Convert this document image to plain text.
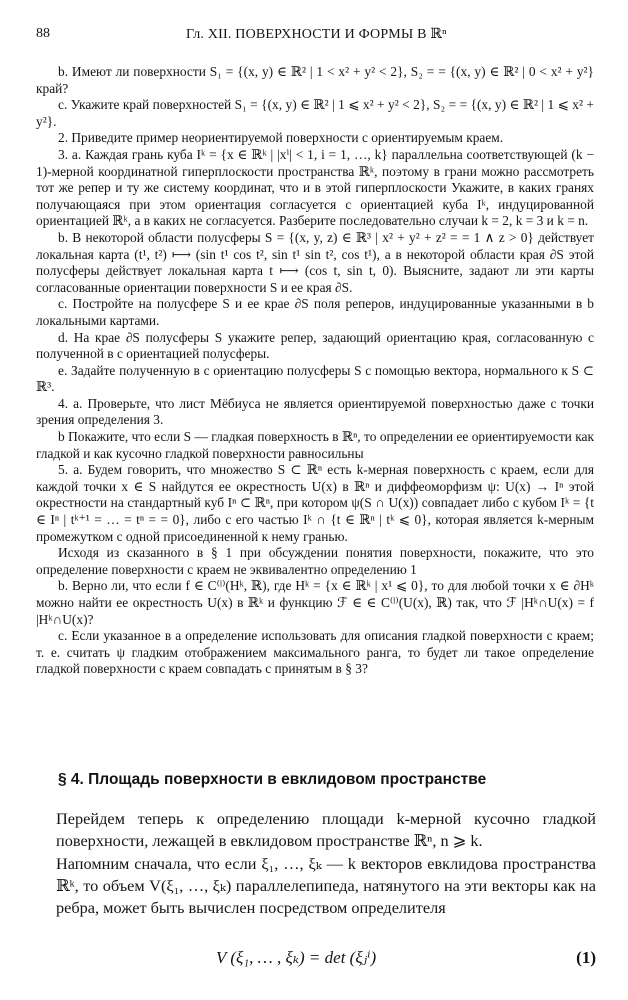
88	Гл. XII. ПОВЕРХНОСТИ И ФОРМЫ В ℝⁿ

b. Имеют ли поверхности S₁ = {(x, y) ∈ ℝ² | 1 < x² + y² < 2}, S₂ = = {(x, y) ∈ ℝ² | 0 < x² + y²} край?

c. Укажите край поверхностей S₁ = {(x, y) ∈ ℝ² | 1 ⩽ x² + y² < 2}, S₂ = = {(x, y) ∈ ℝ² | 1 ⩽ x² + y²}.

2. Приведите пример неориентируемой поверхности с ориентируемым краем.

3. a. Каждая грань куба Iᵏ = {x ∈ ℝᵏ | |xⁱ| < 1, i = 1, …, k} параллельна соответствующей (k − 1)-мерной координатной гиперплоскости пространства ℝᵏ, поэтому в грани можно рассмотреть тот же репер и ту же систему координат, что и в этой гиперплоскости Укажите, в каких гранях получающаяся при этом ориентация согласуется с ориентацией куба Iᵏ, индуцированной ориентацией ℝᵏ, а в каких не согласуется. Разберите последовательно случаи k = 2, k = 3 и k = n.

b. В некоторой области полусферы S = {(x, y, z) ∈ ℝ³ | x² + y² + z² = = 1 ∧ z > 0} действует локальная карта (t¹, t²) ⟼ (sin t¹ cos t², sin t¹ sin t², cos t¹), а в некоторой области края ∂S этой полусферы действует локальная карта t ⟼ (cos t, sin t, 0). Выясните, задают ли эти карты согласованные ориентации поверхности S и ее края ∂S.

c. Постройте на полусфере S и ее крае ∂S поля реперов, индуцированные указанными в b локальными картами.

d. На крае ∂S полусферы S укажите репер, задающий ориентацию края, согласованную с полученной в c ориентацией полусферы.

e. Задайте полученную в c ориентацию полусферы S с помощью вектора, нормального к S ⊂ ℝ³.

4. a. Проверьте, что лист Мёбиуса не является ориентируемой поверхностью даже с точки зрения определения 3.

b Покажите, что если S — гладкая поверхность в ℝⁿ, то определении ее ориентируемости как гладкой и как кусочно гладкой поверхности равносильны

5. a. Будем говорить, что множество S ⊂ ℝⁿ есть k-мерная поверхность с краем, если для каждой точки x ∈ S найдутся ее окрестность U(x) в ℝⁿ и диффеоморфизм ψ: U(x) → Iⁿ этой окрестности на стандартный куб Iⁿ ⊂ ℝⁿ, при котором ψ(S ∩ U(x)) совпадает либо с кубом Iᵏ = {t ∈ Iⁿ | tᵏ⁺¹ = … = tⁿ = = 0}, либо с его частью Iᵏ ∩ {t ∈ ℝⁿ | tᵏ ⩽ 0}, которая является k-мерным промежутком с одной присоединенной к нему гранью.

Исходя из сказанного в § 1 при обсуждении понятия поверхности, покажите, что это определение поверхности с краем не эквивалентно определению 1

b. Верно ли, что если f ∈ C⁽ˡ⁾(Hᵏ, ℝ), где Hᵏ = {x ∈ ℝᵏ | x¹ ⩽ 0}, то для любой точки x ∈ ∂Hᵏ можно найти ее окрестность U(x) в ℝᵏ и функцию ℱ ∈ ∈ C⁽ˡ⁾(U(x), ℝ) так, что ℱ |Hᵏ∩U(x) = f |Hᵏ∩U(x)?

c. Если указанное в a определение использовать для описания гладкой поверхности с краем; т. е. считать ψ гладким отображением максимального ранга, то будет ли такое определение гладкой поверхности с краем совпадать с принятым в § 3?

§ 4. Площадь поверхности в евклидовом пространстве

Перейдем теперь к определению площади k-мерной кусочно гладкой поверхности, лежащей в евклидовом пространстве ℝⁿ, n ⩾ k.

Напомним сначала, что если ξ₁, …, ξₖ — k векторов евклидова пространства ℝᵏ, то объем V(ξ₁, …, ξₖ) параллелепипеда, натянутого на эти векторы как на ребра, может быть вычислен посредством определителя

V (ξ₁, … , ξₖ) = det (ξⱼⁱ)	(1)
